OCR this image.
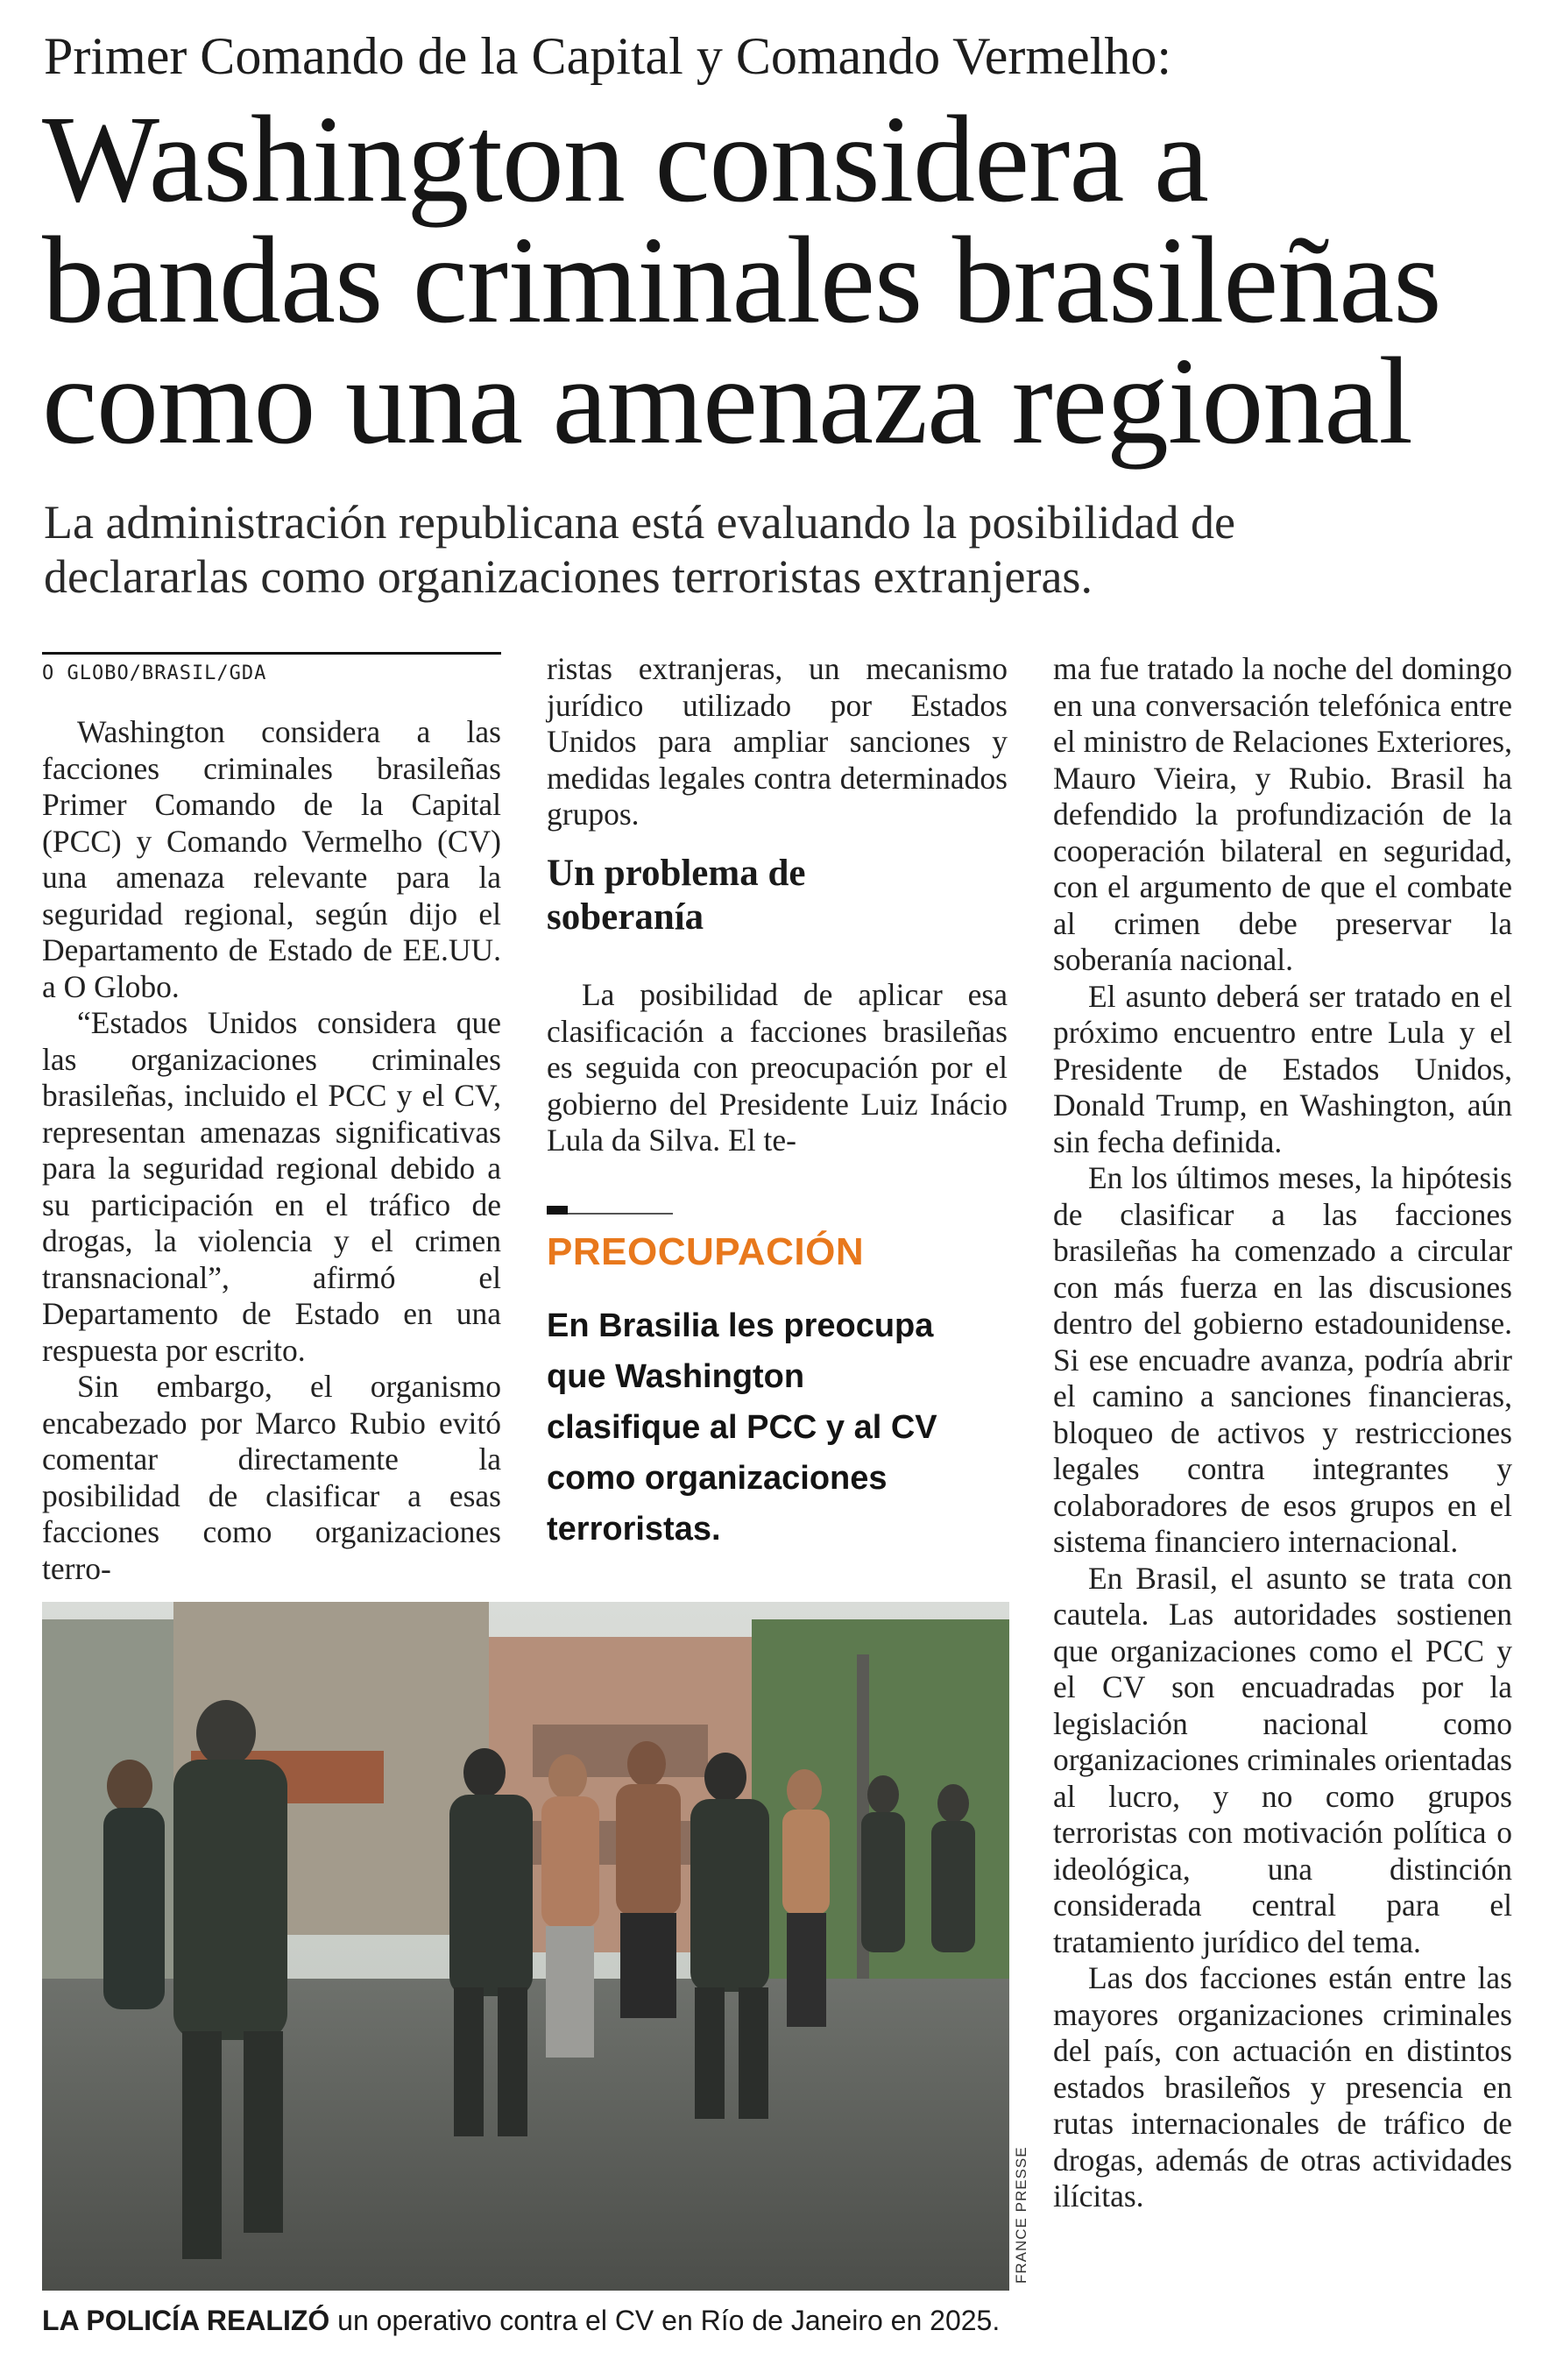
Primer Comando de la Capital y Comando Vermelho:
Washington considera a
bandas criminales brasileñas
como una amenaza regional
La administración republicana está evaluando la posibilidad de
declararlas como organizaciones terroristas extranjeras.
O GLOBO/BRASIL/GDA

Washington considera a las facciones criminales brasileñas Primer Comando de la Capital (PCC) y Comando Vermelho (CV) una amenaza relevante para la seguridad regional, según dijo el Departamento de Estado de EE.UU. a O Globo.

“Estados Unidos considera que las organizaciones criminales brasileñas, incluido el PCC y el CV, representan amenazas significativas para la seguridad regional debido a su participación en el tráfico de drogas, la violencia y el crimen transnacional”, afirmó el Departamento de Estado en una respuesta por escrito.

Sin embargo, el organismo encabezado por Marco Rubio evitó comentar directamente la posibilidad de clasificar a esas facciones como organizaciones terro-

ristas extranjeras, un mecanismo jurídico utilizado por Estados Unidos para ampliar sanciones y medidas legales contra determinados grupos.

Un problema de
soberanía

La posibilidad de aplicar esa clasificación a facciones brasileñas es seguida con preocupación por el gobierno del Presidente Luiz Inácio Lula da Silva. El te-

PREOCUPACIÓN
En Brasilia les preocupa
que Washington
clasifique al PCC y al CV
como organizaciones
terroristas.

ma fue tratado la noche del domingo en una conversación telefónica entre el ministro de Relaciones Exteriores, Mauro Vieira, y Rubio. Brasil ha defendido la profundización de la cooperación bilateral en seguridad, con el argumento de que el combate al crimen debe preservar la soberanía nacional.

El asunto deberá ser tratado en el próximo encuentro entre Lula y el Presidente de Estados Unidos, Donald Trump, en Washington, aún sin fecha definida.

En los últimos meses, la hipótesis de clasificar a las facciones brasileñas ha comenzado a circular con más fuerza en las discusiones dentro del gobierno estadounidense. Si ese encuadre avanza, podría abrir el camino a sanciones financieras, bloqueo de activos y restricciones legales contra integrantes y colaboradores de esos grupos en el sistema financiero internacional.

En Brasil, el asunto se trata con cautela. Las autoridades sostienen que organizaciones como el PCC y el CV son encuadradas por la legislación nacional como organizaciones criminales orientadas al lucro, y no como grupos terroristas con motivación política o ideológica, una distinción considerada central para el tratamiento jurídico del tema.

Las dos facciones están entre las mayores organizaciones criminales del país, con actuación en distintos estados brasileños y presencia en rutas internacionales de tráfico de drogas, además de otras actividades ilícitas.

FRANCE PRESSE
LA POLICÍA REALIZÓ un operativo contra el CV en Río de Janeiro en 2025.
